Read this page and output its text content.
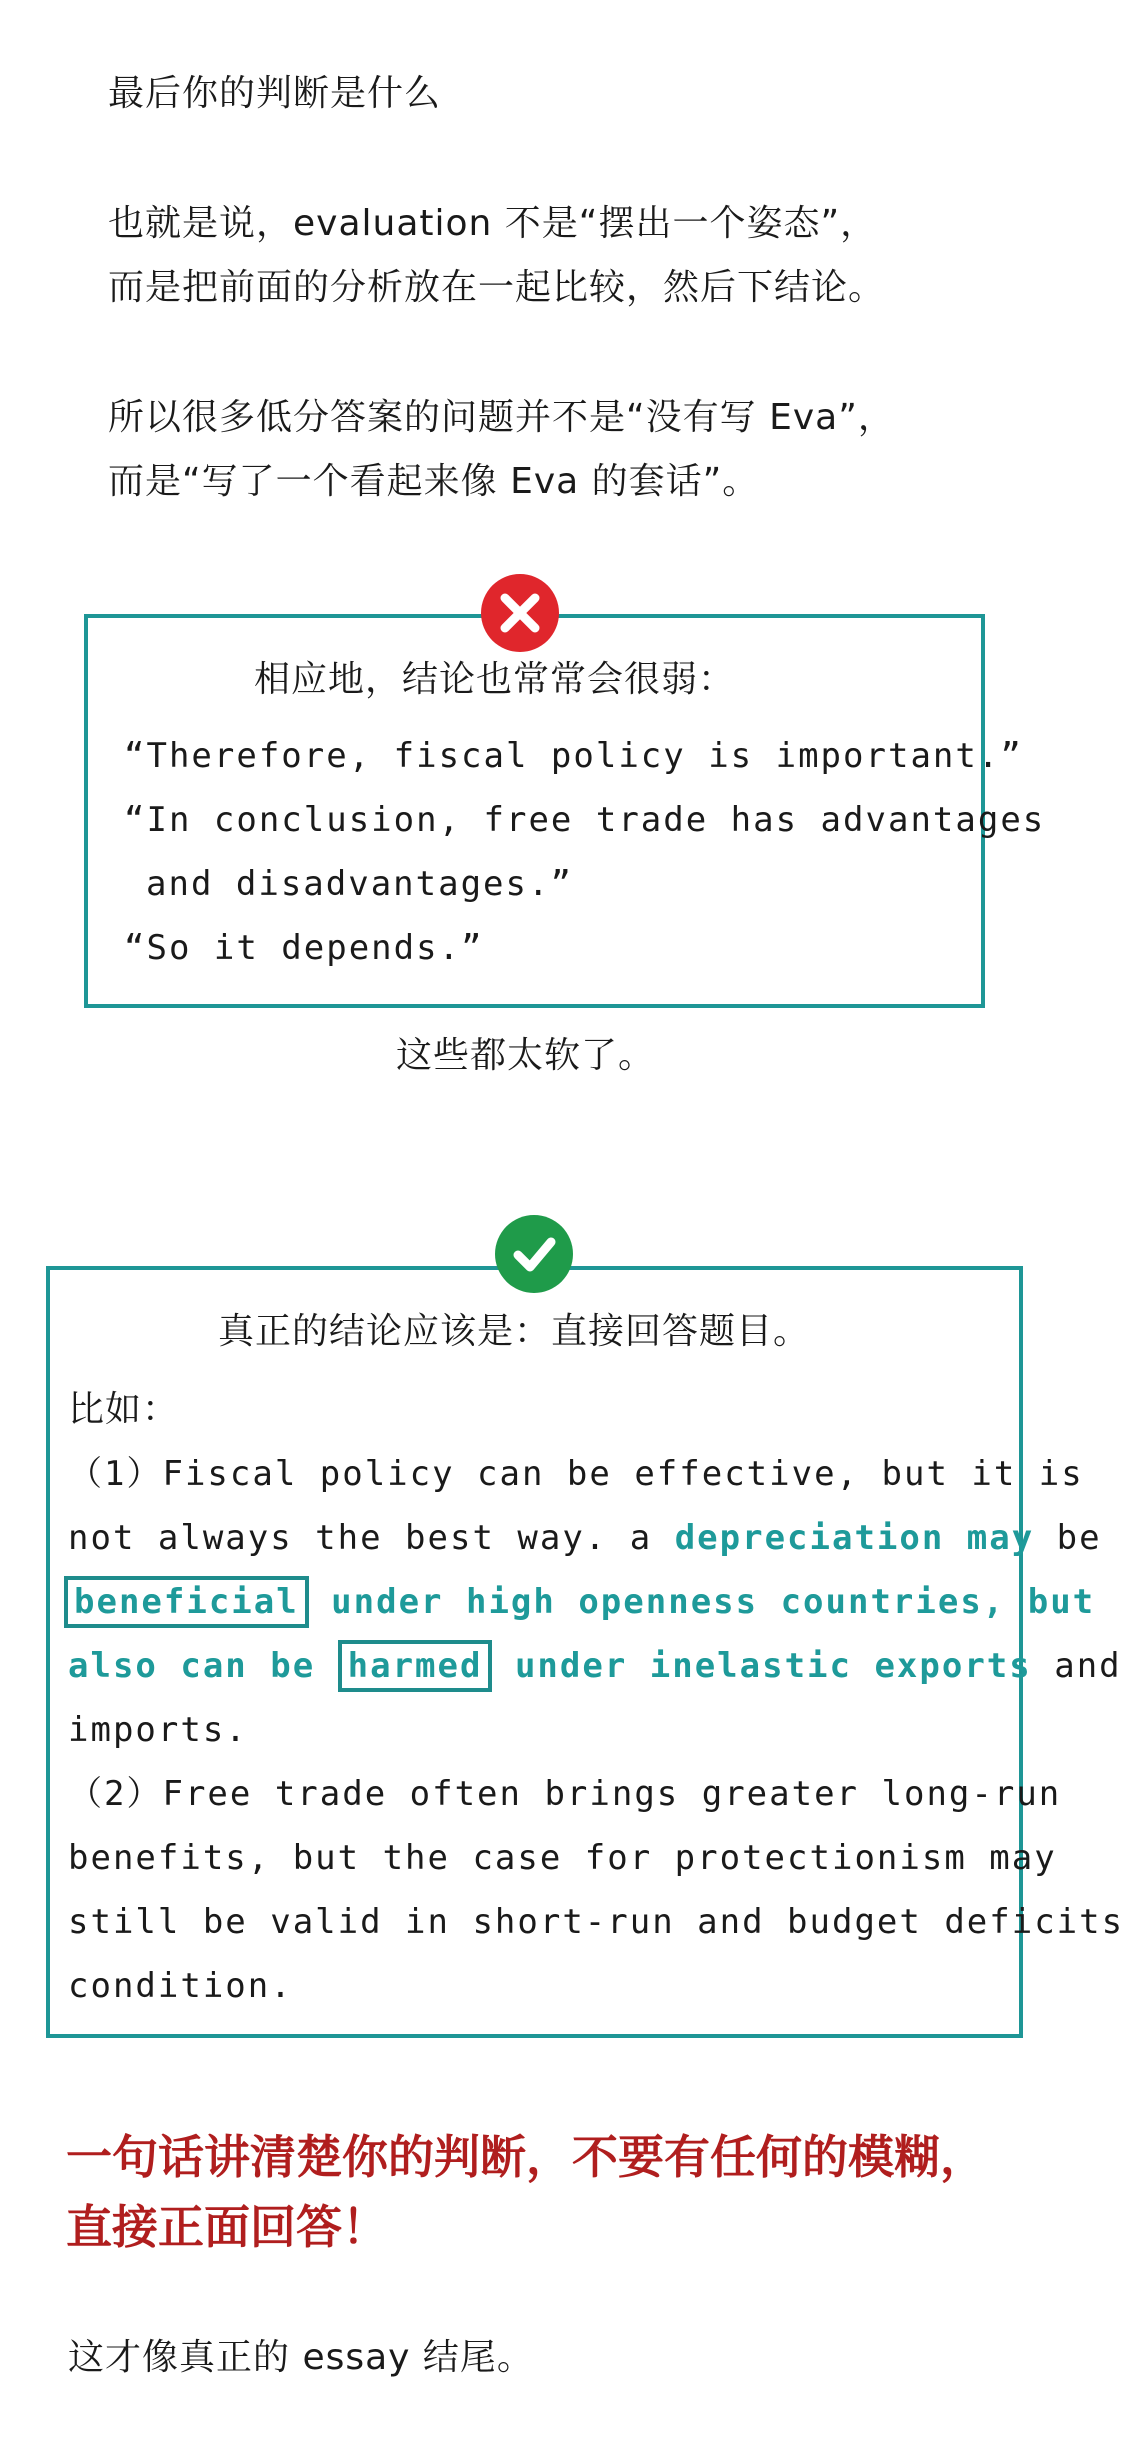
最后你的判断是什么
也就是说，evaluation 不是“摆出一个姿态”，
而是把前面的分析放在一起比较，然后下结论。
所以很多低分答案的问题并不是“没有写 Eva”，
而是“写了一个看起来像 Eva 的套话”。
相应地，结论也常常会很弱：
“Therefore, fiscal policy is important.”
“In conclusion, free trade has advantages
and disadvantages.”
“So it depends.”
这些都太软了。
真正的结论应该是：直接回答题目。
比如：
（1）Fiscal policy can be effective, but it is
not always the best way. a depreciation may be
beneficial under high openness countries, but
also can be harmed under inelastic exports and
imports.
（2）Free trade often brings greater long-run
benefits, but the case for protectionism may
still be valid in short-run and budget deficits
condition.
一句话讲清楚你的判断，不要有任何的模糊，
直接正面回答！
这才像真正的 essay 结尾。
